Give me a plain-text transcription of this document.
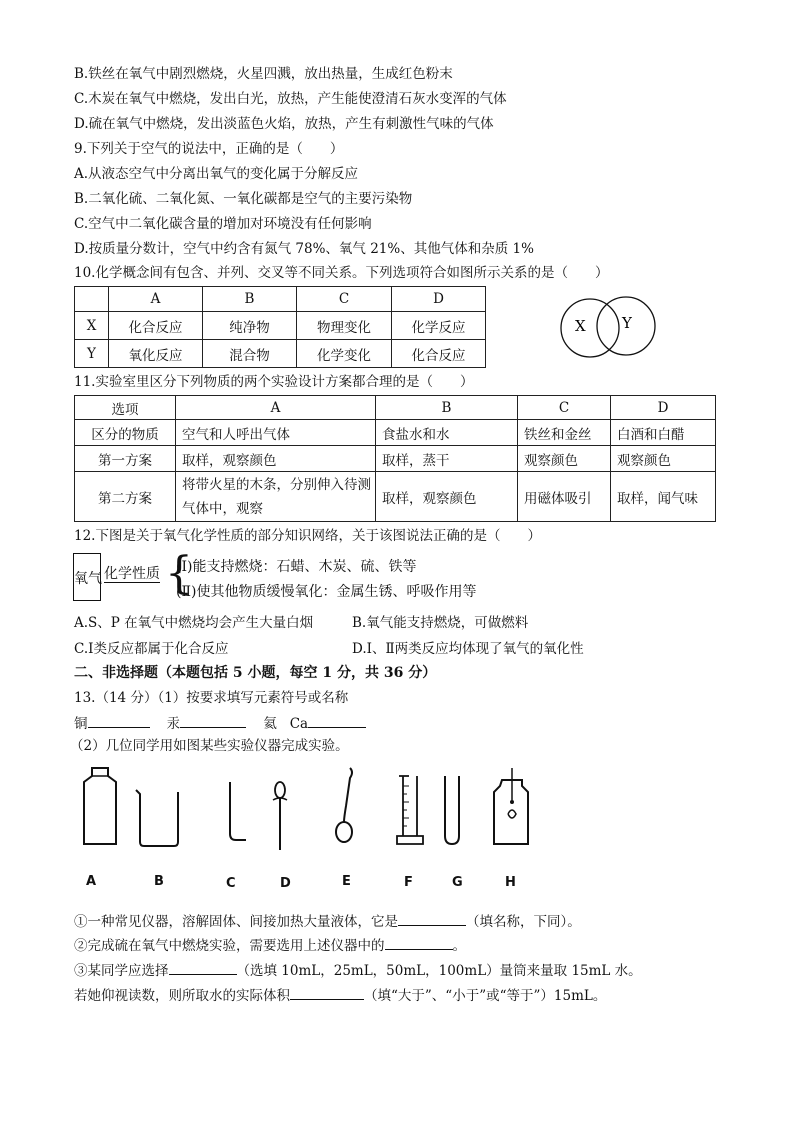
B.铁丝在氧气中剧烈燃烧，火星四溅，放出热量，生成红色粉末
C.木炭在氧气中燃烧，发出白光，放热，产生能使澄清石灰水变浑的气体
D.硫在氧气中燃烧，发出淡蓝色火焰，放热，产生有刺激性气味的气体
9.下列关于空气的说法中，正确的是（　　）
A.从液态空气中分离出氧气的变化属于分解反应
B.二氧化硫、二氧化氮、一氧化碳都是空气的主要污染物
C.空气中二氧化碳含量的增加对环境没有任何影响
D.按质量分数计，空气中约含有氮气 78%、氧气 21%、其他气体和杂质 1%
10.化学概念间有包含、并列、交叉等不同关系。下列选项符合如图所示关系的是（　　）
	A	B	C	D
X	化合反应	纯净物	物理变化	化学反应
Y	氧化反应	混合物	化学变化	化合反应
X Y
11.实验室里区分下列物质的两个实验设计方案都合理的是（　　）
选项	A	B	C	D
区分的物质	空气和人呼出气体	食盐水和水	铁丝和金丝	白酒和白醋
第一方案	取样，观察颜色	取样，蒸干	观察颜色	观察颜色
第二方案	将带火星的木条，分别伸入待测气体中，观察	取样，观察颜色	用磁体吸引	取样，闻气味
12.下图是关于氧气化学性质的部分知识网络，关于该图说法正确的是（　　）
氧气 化学性质 {
(Ⅰ)能支持燃烧：石蜡、木炭、硫、铁等
(Ⅱ)使其他物质缓慢氧化：金属生锈、呼吸作用等
A.S、P 在氧气中燃烧均会产生大量白烟	B.氧气能支持燃烧，可做燃料
C.Ⅰ类反应都属于化合反应	D.Ⅰ、Ⅱ两类反应均体现了氧气的氧化性
二、非选择题（本题包括 5 小题，每空 1 分，共 36 分）
13.（14 分）（1）按要求填写元素符号或名称
铜	汞	氦 Ca
（2）几位同学用如图某些实验仪器完成实验。
A	B	C	D	E	F	G	H
①一种常见仪器，溶解固体、间接加热大量液体，它是	（填名称，下同）。
②完成硫在氧气中燃烧实验，需要选用上述仪器中的	。
③某同学应选择	（选填 10mL，25mL，50mL，100mL）量筒来量取 15mL 水。
若她仰视读数，则所取水的实际体积	（填“大于”、“小于”或“等于”）15mL。
